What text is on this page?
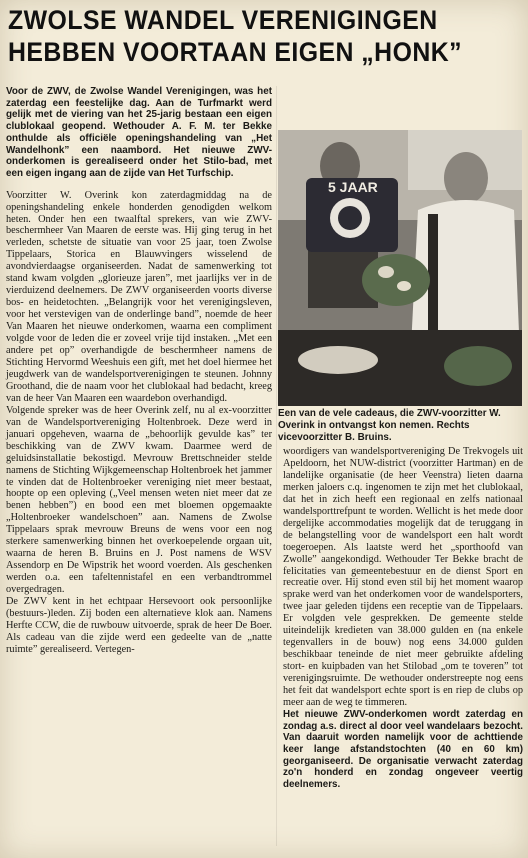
ZWOLSE WANDEL VERENIGINGEN
HEBBEN VOORTAAN EIGEN „HONK”

Voor de ZWV, de Zwolse Wandel Verenigingen, was het zaterdag een feestelijke dag. Aan de Turfmarkt werd gelijk met de viering van het 25-jarig bestaan een eigen clublokaal geopend. Wethouder A. F. M. ter Bekke onthulde als officiële openingshandeling van „Het Wandelhonk” een naambord. Het nieuwe ZWV-onderkomen is gerealiseerd onder het Stilo-bad, met een eigen ingang aan de zijde van Het Turfschip.

Voorzitter W. Overink kon zaterdagmiddag na de openingshandeling enkele honderden genodigden welkom heten. Onder hen een twaalftal sprekers, van wie ZWV-beschermheer Van Maaren de eerste was. Hij ging terug in het verleden, schetste de situatie van voor 25 jaar, toen Zwolse Tippelaars, Storica en Blauwvingers wisselend de avondvierdaagse organiseerden. Nadat de samenwerking tot stand kwam volgden „glorieuze jaren”, met jaarlijks ver in de vierduizend deelnemers. De ZWV organiseerden voorts diverse bos- en heidetochten. „Belangrijk voor het verenigingsleven, voor het verstevigen van de onderlinge band”, noemde de heer Van Maaren het nieuwe onderkomen, waarna een compliment volgde voor de leden die er zoveel vrije tijd instaken. „Met een andere pet op” overhandigde de beschermheer namens de Stichting Hervormd Weeshuis een gift, met het doel hiermee het jeugdwerk van de wandelsportverenigingen te steunen. Johnny Groothand, die de naam voor het clublokaal had bedacht, kreeg van de heer Van Maaren een waardebon overhandigd.

Volgende spreker was de heer Overink zelf, nu al ex-voorzitter van de Wandelsportvereniging Holtenbroek. Deze werd in januari opgeheven, waarna de „behoorlijk gevulde kas” ter beschikking van de ZWV kwam. Daarmee werd de geluidsinstallatie bekostigd. Mevrouw Brettschneider stelde namens de Stichting Wijkgemeenschap Holtenbroek het jammer te vinden dat de Holtenbroeker vereniging niet meer bestaat, hoopte op een opleving („Veel mensen weten niet meer dat ze benen hebben”) en bood een met bloemen opgemaakte „Holtenbroeker wandelschoen” aan. Namens de Zwolse Tippelaars sprak mevrouw Breuns de wens voor een nog sterkere samenwerking binnen het overkoepelende orgaan uit, waarna de heren B. Bruins en J. Post namens de WSV Assendorp en De Wipstrik het woord voerden. Als geschenken werden o.a. een tafeltennistafel en een verbandtrommel overgedragen.

De ZWV kent in het echtpaar Hersevoort ook persoonlijke (bestuurs-)leden. Zij boden een alternatieve klok aan. Namens Herfte CCW, die de ruwbouw uitvoerde, sprak de heer De Boer. Als cadeau van die zijde werd een gedeelte van de „natte ruimte” gerealiseerd. Vertegen-

5 JAAR
Een van de vele cadeaus, die ZWV-voorzitter W. Overink in ontvangst kon nemen. Rechts vicevoorzitter B. Bruins.

woordigers van wandelsportvereniging De Trekvogels uit Apeldoorn, het NUW-district (voorzitter Hartman) en de landelijke organisatie (de heer Veenstra) lieten daarna merken jaloers c.q. ingenomen te zijn met het clublokaal, dat het in zich heeft een regionaal en zelfs nationaal wandelsporttrefpunt te worden. Wellicht is het mede door dergelijke accommodaties mogelijk dat de teruggang in de belangstelling voor de wandelsport een halt wordt toegeroepen. Als laatste werd het „sporthoofd van Zwolle” aangekondigd. Wethouder Ter Bekke bracht de felicitaties van gemeentebestuur en de dienst Sport en recreatie over. Hij stond even stil bij het moment waarop sprake werd van het onderkomen voor de wandelsporters, twee jaar geleden tijdens een receptie van de Tippelaars. Er volgden vele gesprekken. De gemeente stelde uiteindelijk kredieten van 38.000 gulden en (na enkele tegenvallers in de bouw) nog eens 34.000 gulden beschikbaar teneinde de niet meer gebruikte afdeling stort- en kuipbaden van het Stilobad „om te toveren” tot verenigingsruimte. De wethouder onderstreepte nog eens het feit dat wandelsport echte sport is en riep de clubs op meer aan de weg te timmeren.

Het nieuwe ZWV-onderkomen wordt zaterdag en zondag a.s. direct al door veel wandelaars bezocht. Van daaruit worden namelijk voor de achttiende keer lange afstandstochten (40 en 60 km) georganiseerd. De organisatie verwacht zaterdag zo'n honderd en zondag ongeveer veertig deelnemers.
